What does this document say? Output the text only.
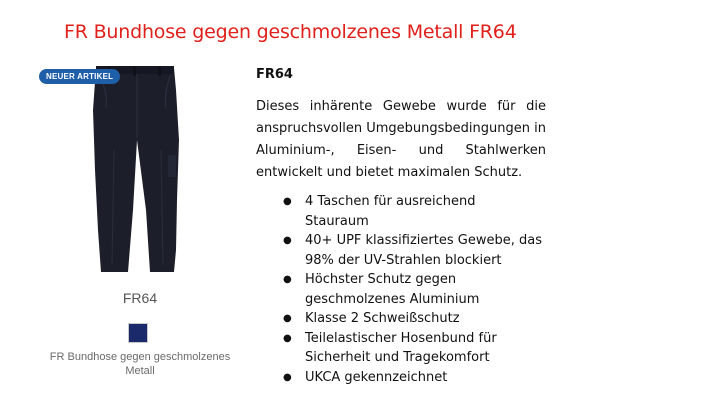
FR Bundhose gegen geschmolzenes Metall FR64
NEUER ARTIKEL
FR64
FR Bundhose gegen geschmolzenes Metall
FR64

Dieses inhärente Gewebe wurde für die anspruchsvollen Umgebungsbedingungen in Aluminium-, Eisen- und Stahlwerken entwickelt und bietet maximalen Schutz.

● 4 Taschen für ausreichend Stauraum
● 40+ UPF klassifiziertes Gewebe, das 98% der UV-Strahlen blockiert
● Höchster Schutz gegen geschmolzenes Aluminium
● Klasse 2 Schweißschutz
● Teilelastischer Hosenbund für Sicherheit und Tragekomfort
● UKCA gekennzeichnet
